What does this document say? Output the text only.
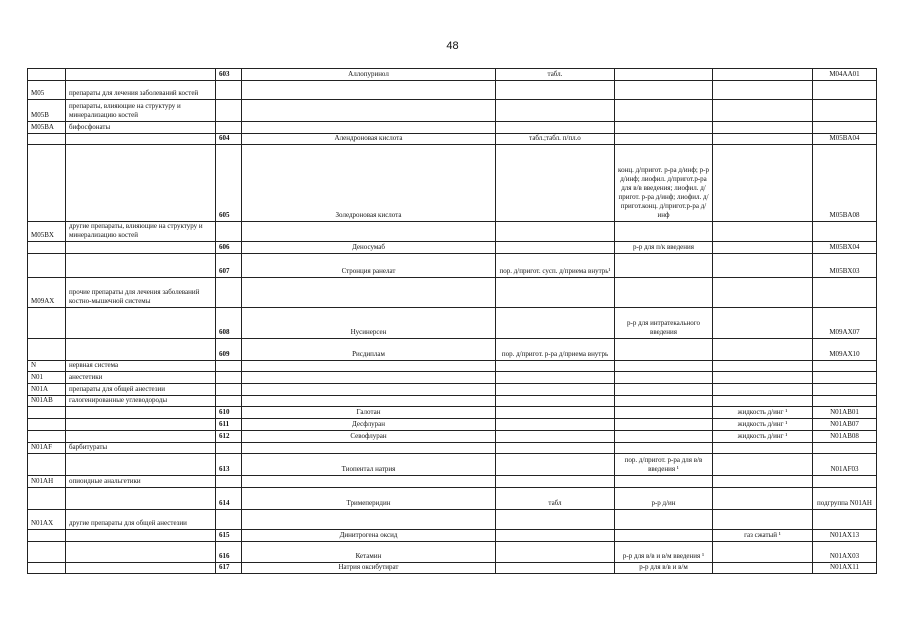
48
		603	Аллопуринол	табл.			M04AA01
M05	препараты для лечения заболеваний костей						
M05B	препараты, влияющие на структуру и минерализацию костей						
M05BA	бифосфонаты						
		604	Алендроновая кислота	табл.;табл. п/пл.о			M05BA04
		605	Золедроновая кислота		конц. д/пригот. р-ра д/инф; р-р д/инф; лиофил. д/пригот.р-ра для в/в введения; лиофил. д/пригот. р-ра д/инф; лиофил. д/пригот.конц. д/пригот.р-ра д/инф		M05BA08
M05BX	другие препараты, влияющие на структуру и минерализацию костей						
		606	Деносумаб		р-р для п/к введения		M05BX04
		607	Стронция ранелат	пор. д/пригот. сусп. д/приема внутрь¹			M05BX03
M09AX	прочие препараты для лечения заболеваний костно-мышечной системы						
		608	Нусинерсен		р-р для интратекального введения		M09AX07
		609	Рисдиплам	пор. д/пригот. р-ра д/приема внутрь			M09AX10
N	нервная система						
N01	анестетики						
N01A	препараты для общей анестезии						
N01AB	галогенированные углеводороды						
		610	Галотан			жидкость д/инг ¹	N01AB01
		611	Десфлуран			жидкость д/инг ¹	N01AB07
		612	Севофлуран			жидкость д/инг ¹	N01AB08
N01AF	барбитураты						
		613	Тиопентал натрия		пор. д/пригот. р-ра для в/в введения ¹		N01AF03
N01AH	опиоидные анальгетики						
		614	Тримеперидин	табл	р-р д/ин		подгруппа N01AH
N01AX	другие препараты для общей анестезии						
		615	Динитрогена оксид			газ сжатый ¹	N01AX13
		616	Кетамин		р-р для в/в и в/м введения ¹		N01AX03
		617	Натрия оксибутират		р-р для в/в и в/м		N01AX11
